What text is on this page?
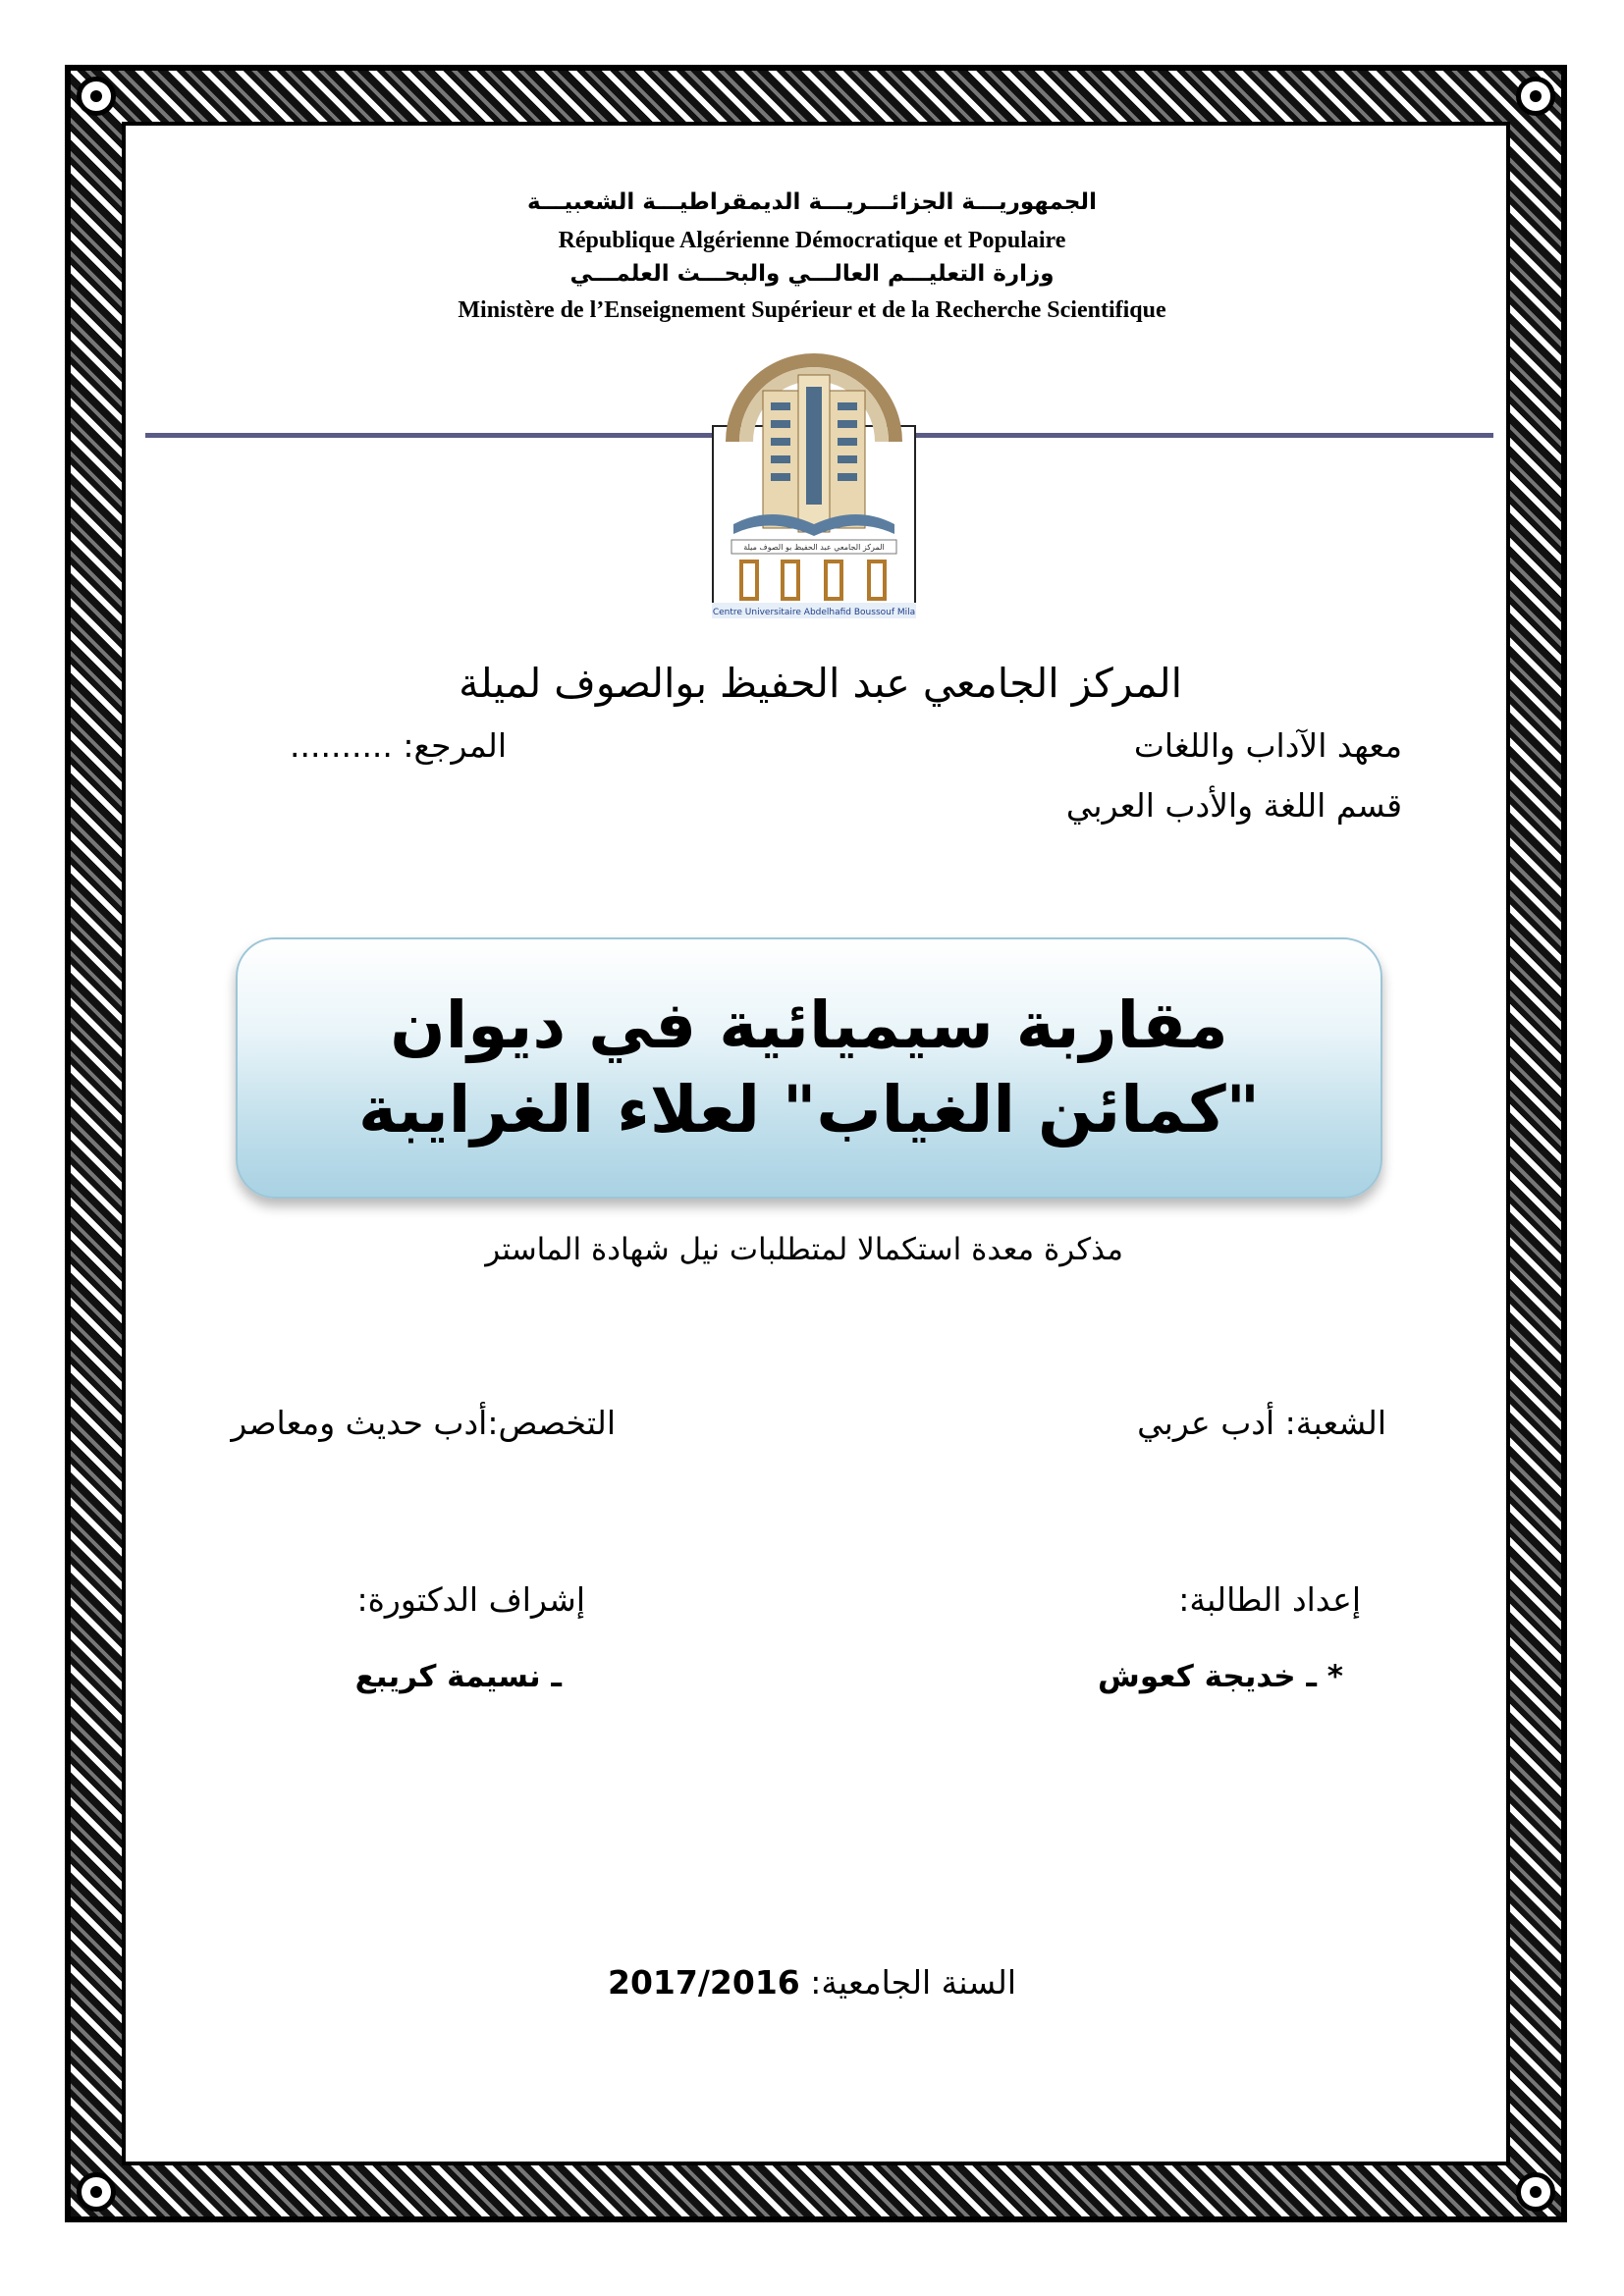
الجمهوريـــة الجزائـــريـــة الديمقراطيـــة الشعبيـــة
République Algérienne Démocratique et Populaire
وزارة التعليـــم العالـــي والبحـــث العلمـــي
Ministère de l’Enseignement Supérieur et de la Recherche Scientifique
المركز الجامعي عبد الحفيظ بو الصوف ميلة
Centre Universitaire Abdelhafid Boussouf Mila
المركز الجامعي عبد الحفيظ بوالصوف لميلة
معهد الآداب واللغات
المرجع: ..........
قسم اللغة والأدب العربي
مقاربة سيميائية في ديوان
"كمائن الغياب" لعلاء الغرايبة
مذكرة معدة استكمالا لمتطلبات نيل شهادة الماستر
الشعبة: أدب عربي
التخصص:أدب حديث ومعاصر
إعداد الطالبة:
إشراف الدكتورة:
* ـ خديجة كعوش
ـ نسيمة كريبع
السنة الجامعية: 2017/2016
